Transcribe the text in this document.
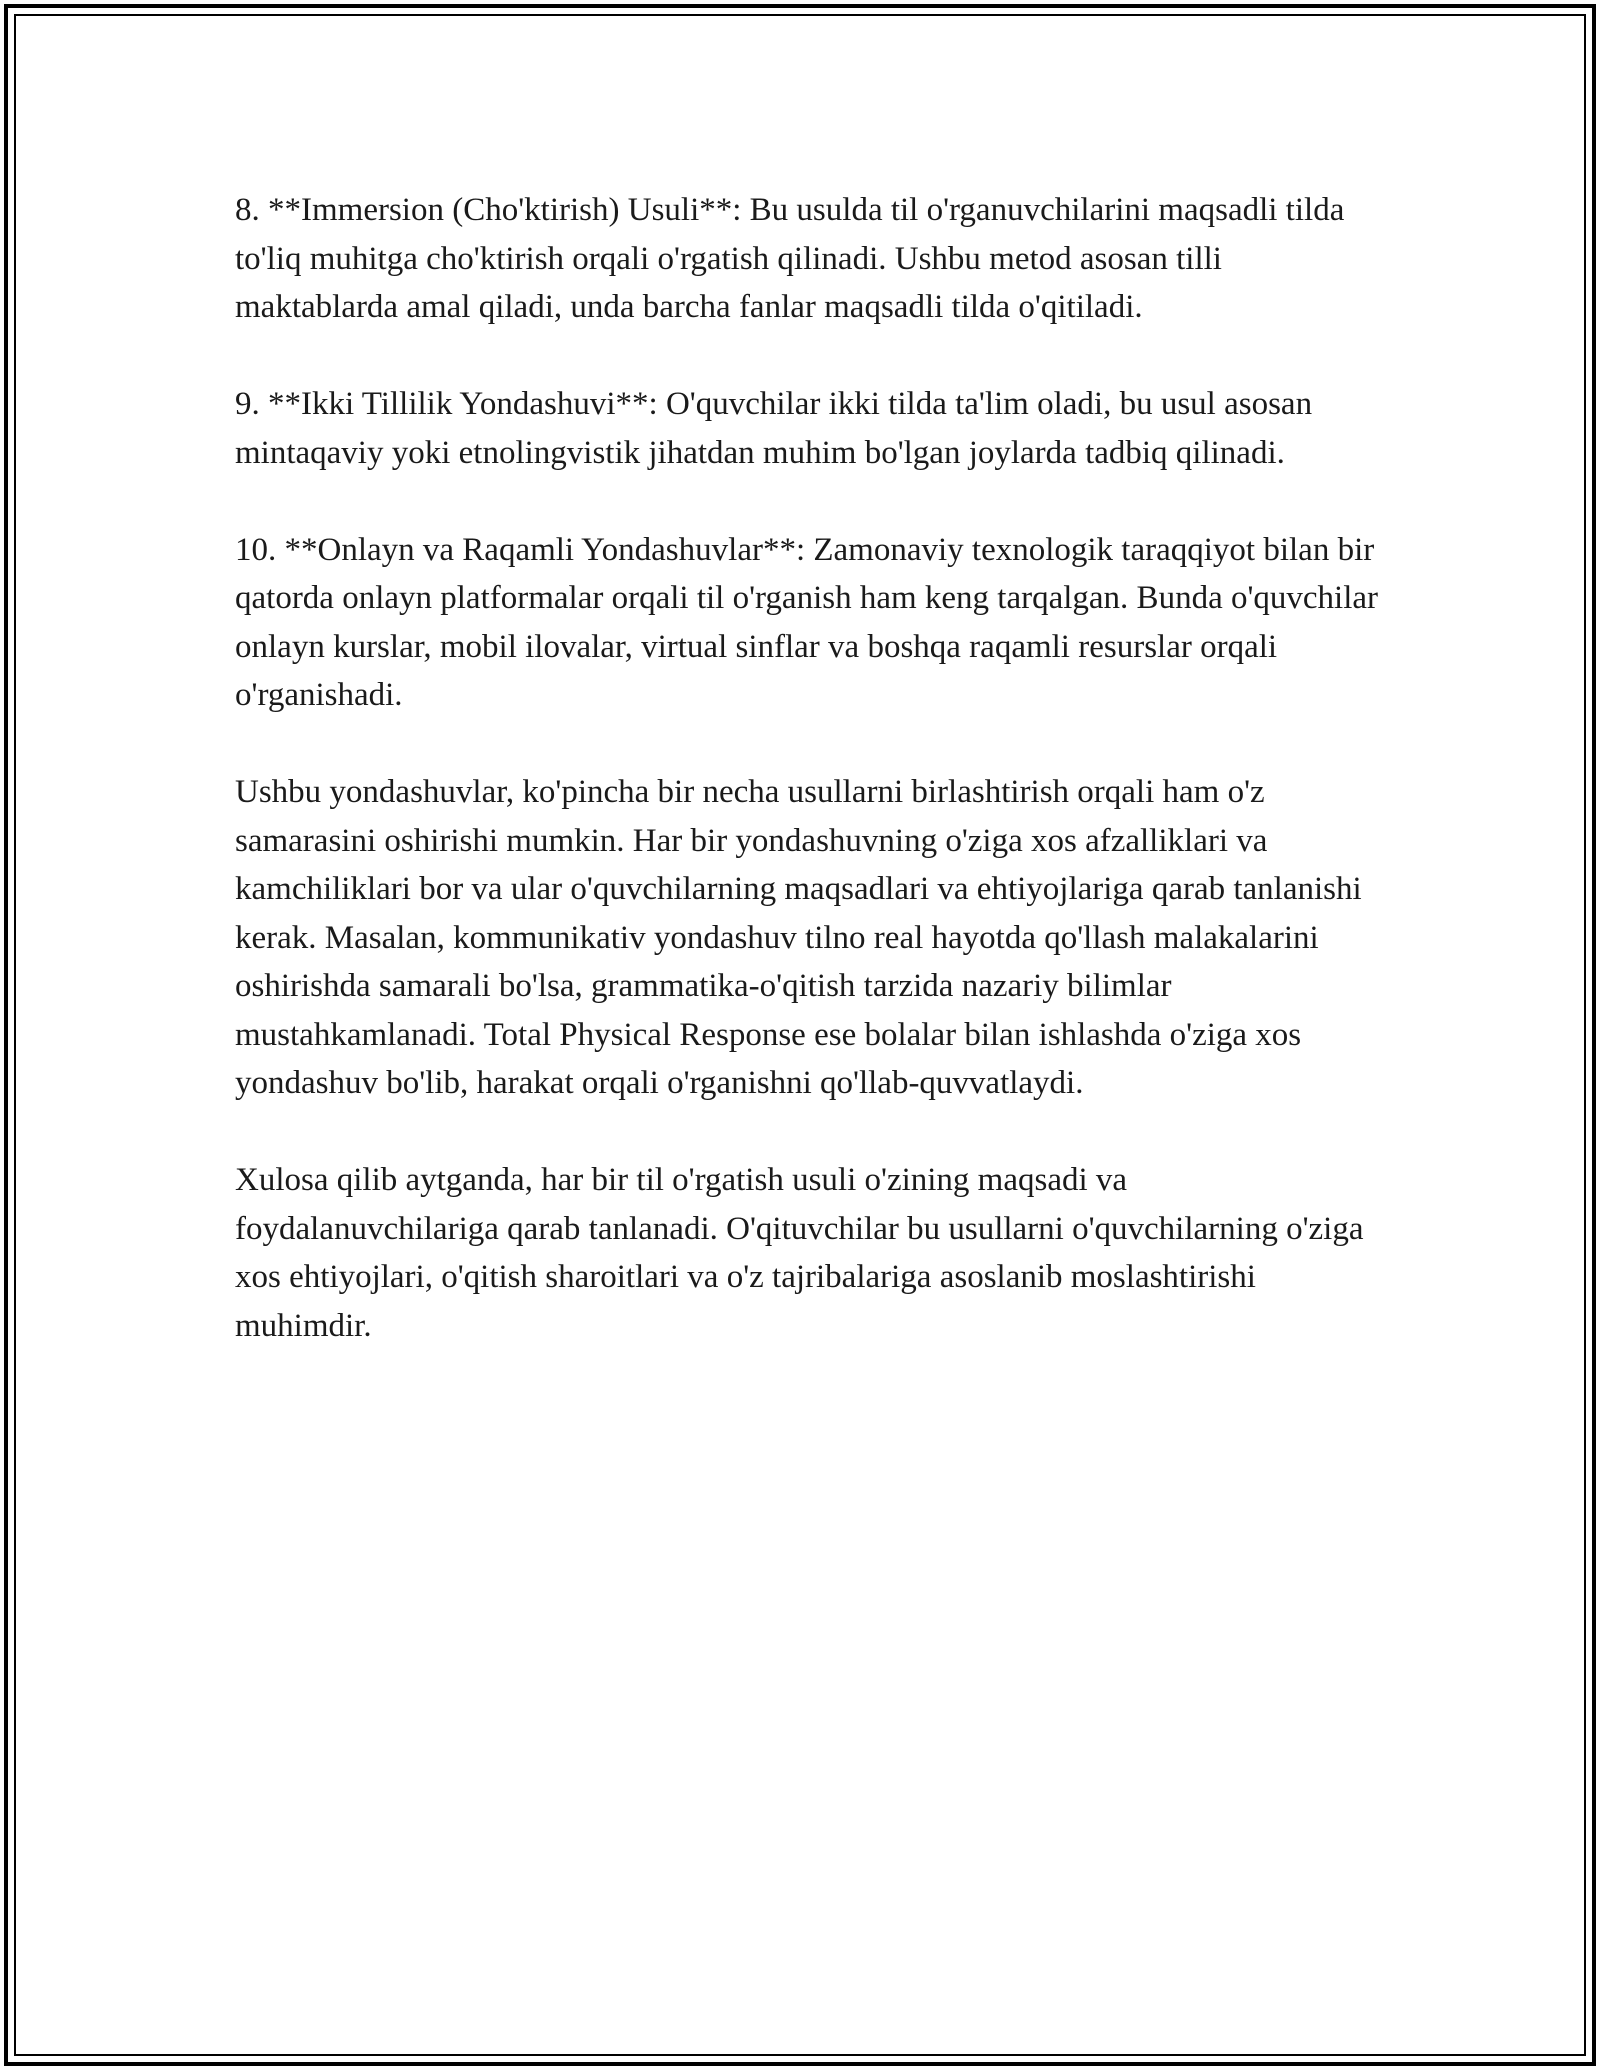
8. **Immersion (Cho'ktirish) Usuli**: Bu usulda til o'rganuvchilarini maqsadli tilda to'liq muhitga cho'ktirish orqali o'rgatish qilinadi. Ushbu metod asosan tilli maktablarda amal qiladi, unda barcha fanlar maqsadli tilda o'qitiladi.

9. **Ikki Tillilik Yondashuvi**: O'quvchilar ikki tilda ta'lim oladi, bu usul asosan mintaqaviy yoki etnolingvistik jihatdan muhim bo'lgan joylarda tadbiq qilinadi.

10. **Onlayn va Raqamli Yondashuvlar**: Zamonaviy texnologik taraqqiyot bilan bir qatorda onlayn platformalar orqali til o'rganish ham keng tarqalgan. Bunda o'quvchilar onlayn kurslar, mobil ilovalar, virtual sinflar va boshqa raqamli resurslar orqali o'rganishadi.

Ushbu yondashuvlar, ko'pincha bir necha usullarni birlashtirish orqali ham o'z samarasini oshirishi mumkin. Har bir yondashuvning o'ziga xos afzalliklari va kamchiliklari bor va ular o'quvchilarning maqsadlari va ehtiyojlariga qarab tanlanishi kerak. Masalan, kommunikativ yondashuv tilno real hayotda qo'llash malakalarini oshirishda samarali bo'lsa, grammatika-o'qitish tarzida nazariy bilimlar mustahkamlanadi. Total Physical Response ese bolalar bilan ishlashda o'ziga xos yondashuv bo'lib, harakat orqali o'rganishni qo'llab-quvvatlaydi.

Xulosa qilib aytganda, har bir til o'rgatish usuli o'zining maqsadi va foydalanuvchilariga qarab tanlanadi. O'qituvchilar bu usullarni o'quvchilarning o'ziga xos ehtiyojlari, o'qitish sharoitlari va o'z tajribalariga asoslanib moslashtirishi muhimdir.
